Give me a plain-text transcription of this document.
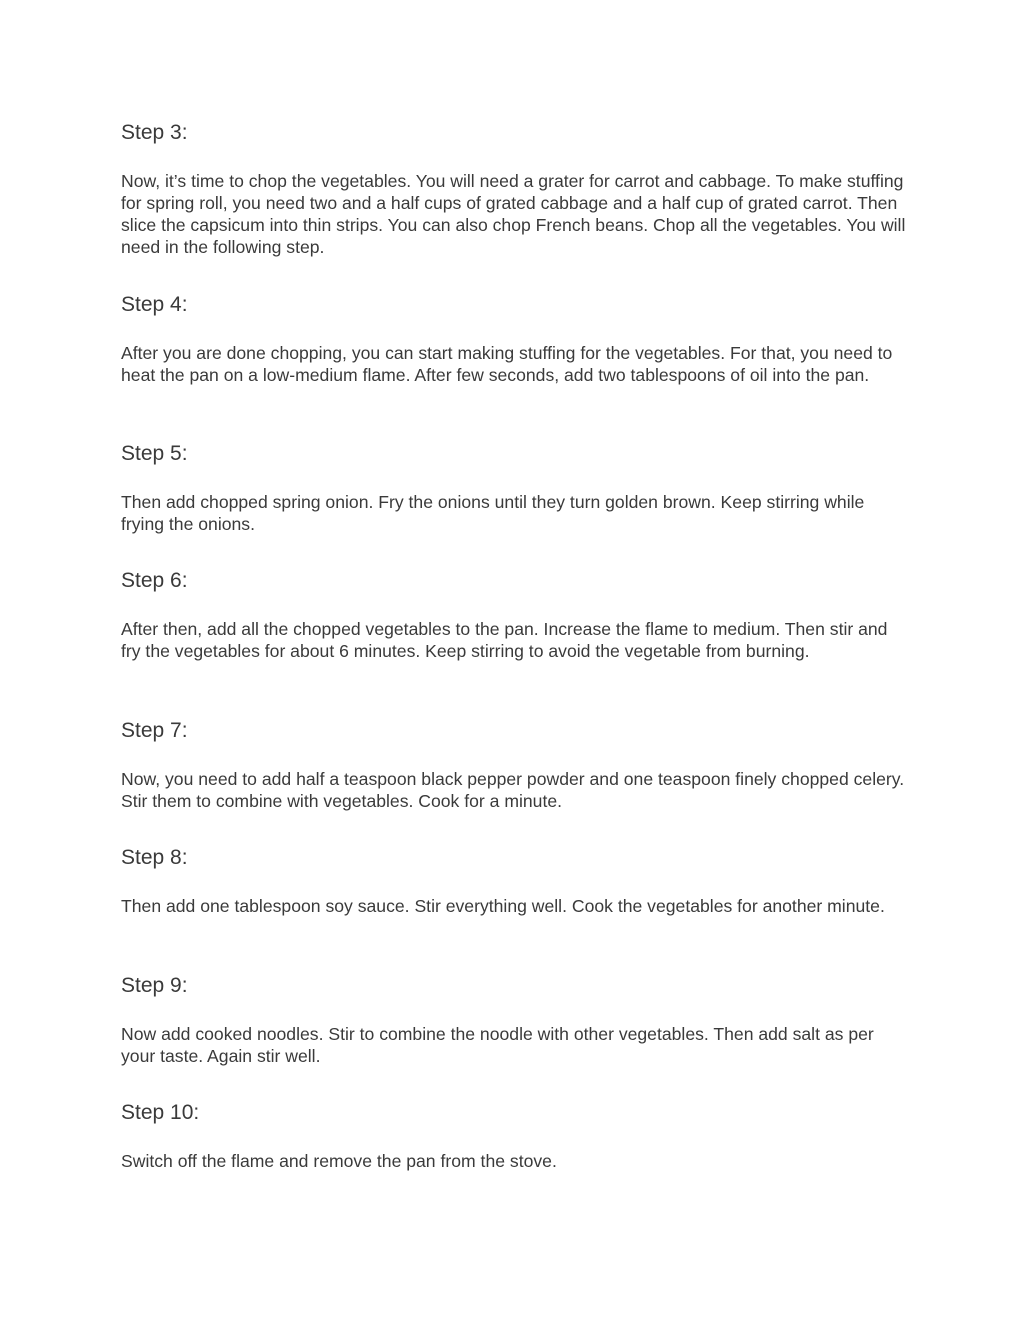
Step 3:

Now, it’s time to chop the vegetables. You will need a grater for carrot and cabbage. To make stuffing for spring roll, you need two and a half cups of grated cabbage and a half cup of grated carrot. Then slice the capsicum into thin strips. You can also chop French beans. Chop all the vegetables. You will need in the following step.

Step 4:

After you are done chopping, you can start making stuffing for the vegetables. For that, you need to heat the pan on a low-medium flame. After few seconds, add two tablespoons of oil into the pan.

Step 5:

Then add chopped spring onion. Fry the onions until they turn golden brown. Keep stirring while frying the onions.

Step 6:

After then, add all the chopped vegetables to the pan. Increase the flame to medium. Then stir and fry the vegetables for about 6 minutes. Keep stirring to avoid the vegetable from burning.

Step 7:

Now, you need to add half a teaspoon black pepper powder and one teaspoon finely chopped celery. Stir them to combine with vegetables. Cook for a minute.

Step 8:

Then add one tablespoon soy sauce. Stir everything well. Cook the vegetables for another minute.

Step 9:

Now add cooked noodles. Stir to combine the noodle with other vegetables. Then add salt as per your taste. Again stir well.

Step 10:

Switch off the flame and remove the pan from the stove.
